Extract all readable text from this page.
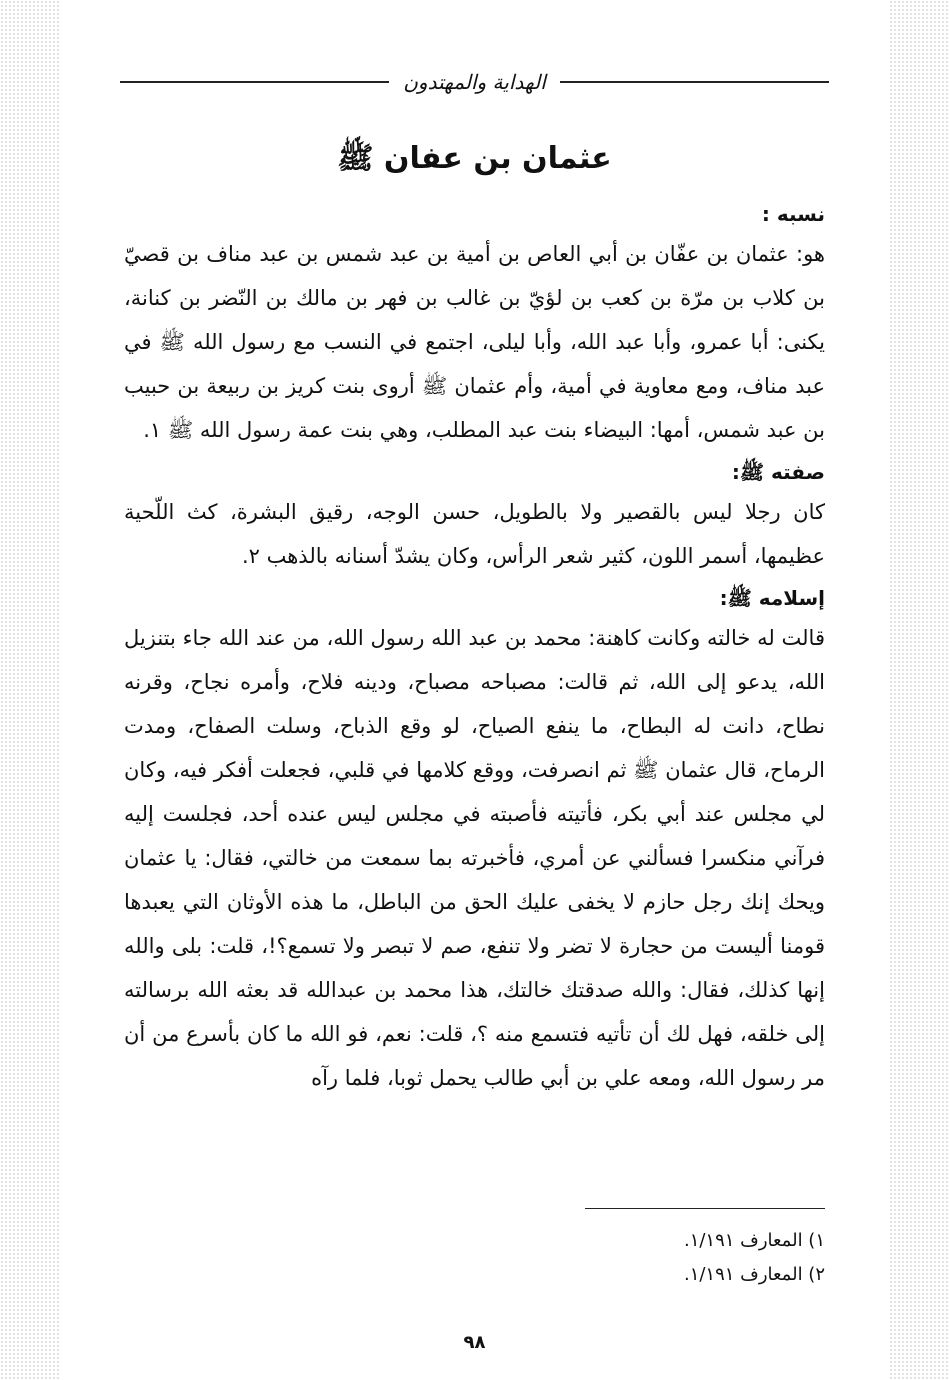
الهداية والمهتدون
عثمان بن عفان ﷺ
نسبه :

هو: عثمان بن عفّان بن أبي العاص بن أمية بن عبد شمس بن عبد مناف بن قصيّ بن كلاب بن مرّة بن كعب بن لؤيّ بن غالب بن فهر بن مالك بن النّضر بن كنانة، يكنى: أبا عمرو، وأبا عبد الله، وأبا ليلى، اجتمع في النسب مع رسول الله ﷺ في عبد مناف، ومع معاوية في أمية، وأم عثمان ﷺ أروى بنت كريز بن ربيعة بن حبيب بن عبد شمس، أمها: البيضاء بنت عبد المطلب، وهي بنت عمة رسول الله ﷺ ١.

صفته ﷺ:

كان رجلا ليس بالقصير ولا بالطويل، حسن الوجه، رقيق البشرة، كث اللّحية عظيمها، أسمر اللون، كثير شعر الرأس، وكان يشدّ أسنانه بالذهب ٢.

إسلامه ﷺ:

قالت له خالته وكانت كاهنة: محمد بن عبد الله رسول الله، من عند الله جاء بتنزيل الله، يدعو إلى الله، ثم قالت: مصباحه مصباح، ودينه فلاح، وأمره نجاح، وقرنه نطاح، دانت له البطاح، ما ينفع الصياح، لو وقع الذباح، وسلت الصفاح، ومدت الرماح، قال عثمان ﷺ ثم انصرفت، ووقع كلامها في قلبي، فجعلت أفكر فيه، وكان لي مجلس عند أبي بكر، فأتيته فأصبته في مجلس ليس عنده أحد، فجلست إليه فرآني منكسرا فسألني عن أمري، فأخبرته بما سمعت من خالتي، فقال: يا عثمان ويحك إنك رجل حازم لا يخفى عليك الحق من الباطل، ما هذه الأوثان التي يعبدها قومنا أليست من حجارة لا تضر ولا تنفع، صم لا تبصر ولا تسمع؟!، قلت: بلى والله إنها كذلك، فقال: والله صدقتك خالتك، هذا محمد بن عبدالله قد بعثه الله برسالته إلى خلقه، فهل لك أن تأتيه فتسمع منه ؟، قلت: نعم، فو الله ما كان بأسرع من أن مر رسول الله، ومعه علي بن أبي طالب يحمل ثوبا، فلما رآه

١) المعارف ١/١٩١.
٢) المعارف ١/١٩١.
٩٨
